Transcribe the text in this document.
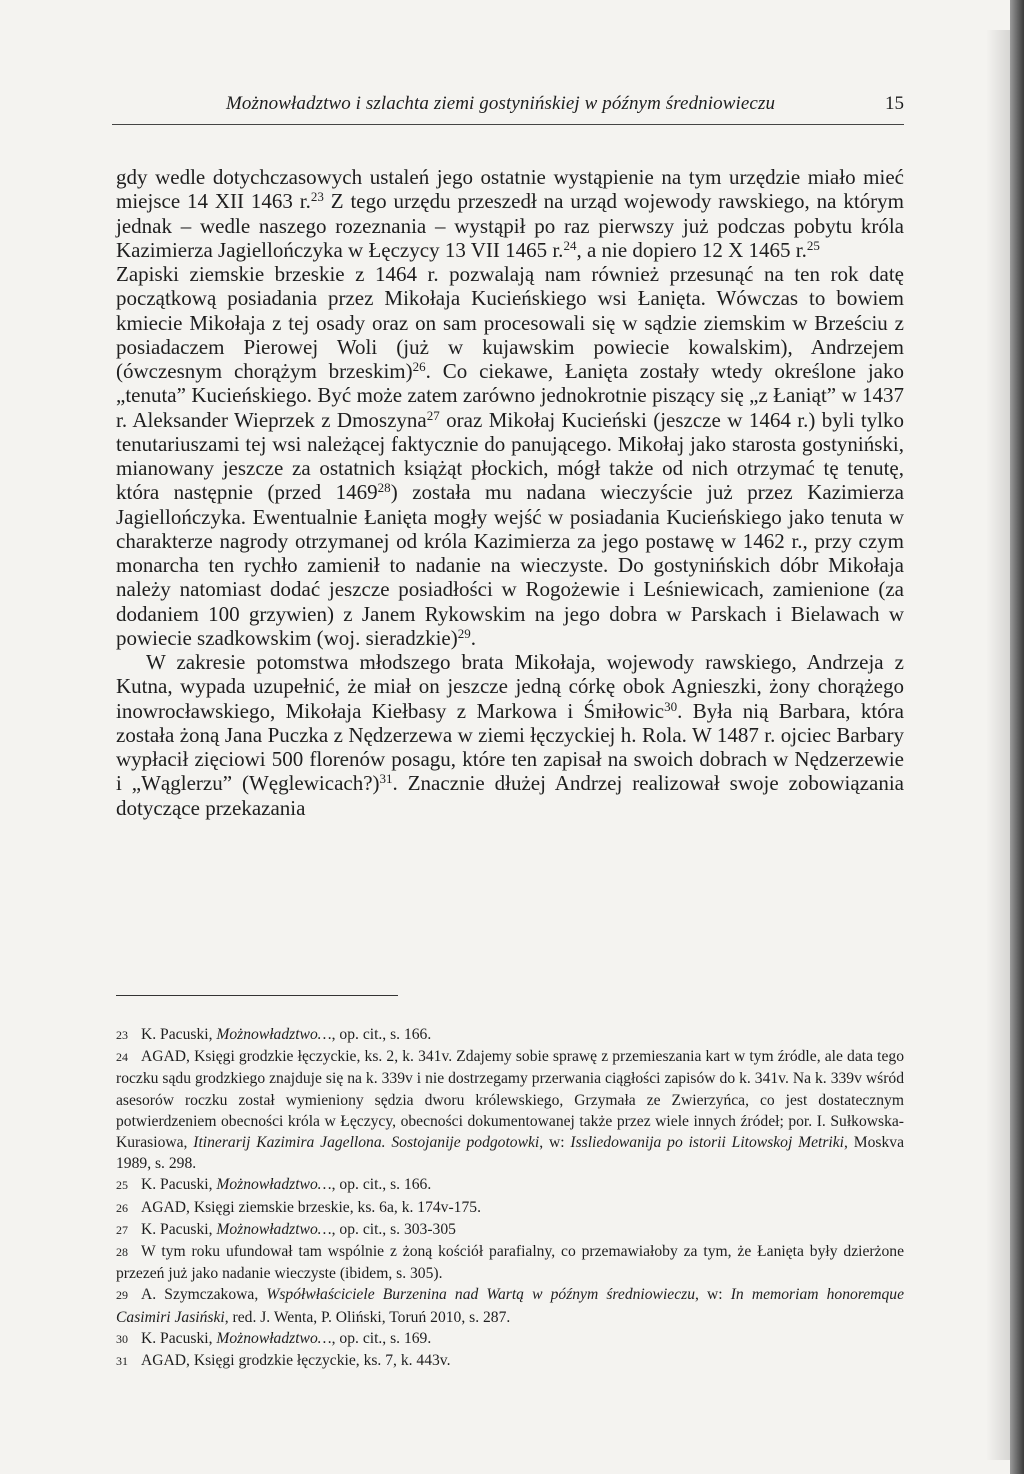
Możnowładztwo i szlachta ziemi gostynińskiej w późnym średniowieczu	15

gdy wedle dotychczasowych ustaleń jego ostatnie wystąpienie na tym urzędzie miało mieć miejsce 14 XII 1463 r.$^{23}$ Z tego urzędu przeszedł na urząd wojewody rawskiego, na którym jednak – wedle naszego rozeznania – wystąpił po raz pierwszy już podczas pobytu króla Kazimierza Jagiellończyka w Łęczycy 13 VII 1465 r.$^{24}$, a nie dopiero 12 X 1465 r.$^{25}$

Zapiski ziemskie brzeskie z 1464 r. pozwalają nam również przesunąć na ten rok datę początkową posiadania przez Mikołaja Kucieńskiego wsi Łanięta. Wówczas to bowiem kmiecie Mikołaja z tej osady oraz on sam procesowali się w sądzie ziemskim w Brześciu z posiadaczem Pierowej Woli (już w kujawskim powiecie kowalskim), Andrzejem (ówczesnym chorążym brzeskim)$^{26}$. Co ciekawe, Łanięta zostały wtedy określone jako „tenuta” Kucieńskiego. Być może zatem zarówno jednokrotnie piszący się „z Łaniąt” w 1437 r. Aleksander Wieprzek z Dmoszyna$^{27}$ oraz Mikołaj Kucieński (jeszcze w 1464 r.) byli tylko tenutariuszami tej wsi należącej faktycznie do panującego. Mikołaj jako starosta gostyniński, mianowany jeszcze za ostatnich książąt płockich, mógł także od nich otrzymać tę tenutę, która następnie (przed 1469$^{28}$) została mu nadana wieczyście już przez Kazimierza Jagiellończyka. Ewentualnie Łanięta mogły wejść w posiadania Kucieńskiego jako tenuta w charakterze nagrody otrzymanej od króla Kazimierza za jego postawę w 1462 r., przy czym monarcha ten rychło zamienił to nadanie na wieczyste. Do gostynińskich dóbr Mikołaja należy natomiast dodać jeszcze posiadłości w Rogożewie i Leśniewicach, zamienione (za dodaniem 100 grzywien) z Janem Rykowskim na jego dobra w Parskach i Bielawach w powiecie szadkowskim (woj. sieradzkie)$^{29}$.

W zakresie potomstwa młodszego brata Mikołaja, wojewody rawskiego, Andrzeja z Kutna, wypada uzupełnić, że miał on jeszcze jedną córkę obok Agnieszki, żony chorążego inowrocławskiego, Mikołaja Kiełbasy z Markowa i Śmiłowic$^{30}$. Była nią Barbara, która została żoną Jana Puczka z Nędzerzewa w ziemi łęczyckiej h. Rola. W 1487 r. ojciec Barbary wypłacił zięciowi 500 florenów posagu, które ten zapisał na swoich dobrach w Nędzerzewie i „Wąglerzu” (Węglewicach?)$^{31}$. Znacznie dłużej Andrzej realizował swoje zobowiązania dotyczące przekazania

23 K. Pacuski, Możnowładztwo…, op. cit., s. 166.

24 AGAD, Księgi grodzkie łęczyckie, ks. 2, k. 341v. Zdajemy sobie sprawę z przemieszania kart w tym źródle, ale data tego roczku sądu grodzkiego znajduje się na k. 339v i nie dostrzegamy przerwania ciągłości zapisów do k. 341v. Na k. 339v wśród asesorów roczku został wymieniony sędzia dworu królewskiego, Grzymała ze Zwierzyńca, co jest dostatecznym potwierdzeniem obecności króla w Łęczycy, obecności dokumentowanej także przez wiele innych źródeł; por. I. Sułkowska-Kurasiowa, Itinerarij Kazimira Jagellona. Sostojanije podgotowki, w: Issliedowanija po istorii Litowskoj Metriki, Moskva 1989, s. 298.

25 K. Pacuski, Możnowładztwo…, op. cit., s. 166.

26 AGAD, Księgi ziemskie brzeskie, ks. 6a, k. 174v-175.

27 K. Pacuski, Możnowładztwo…, op. cit., s. 303-305

28 W tym roku ufundował tam wspólnie z żoną kościół parafialny, co przemawiałoby za tym, że Łanięta były dzierżone przezeń już jako nadanie wieczyste (ibidem, s. 305).

29 A. Szymczakowa, Współwłaściciele Burzenina nad Wartą w późnym średniowieczu, w: In memoriam honoremque Casimiri Jasiński, red. J. Wenta, P. Oliński, Toruń 2010, s. 287.

30 K. Pacuski, Możnowładztwo…, op. cit., s. 169.

31 AGAD, Księgi grodzkie łęczyckie, ks. 7, k. 443v.
